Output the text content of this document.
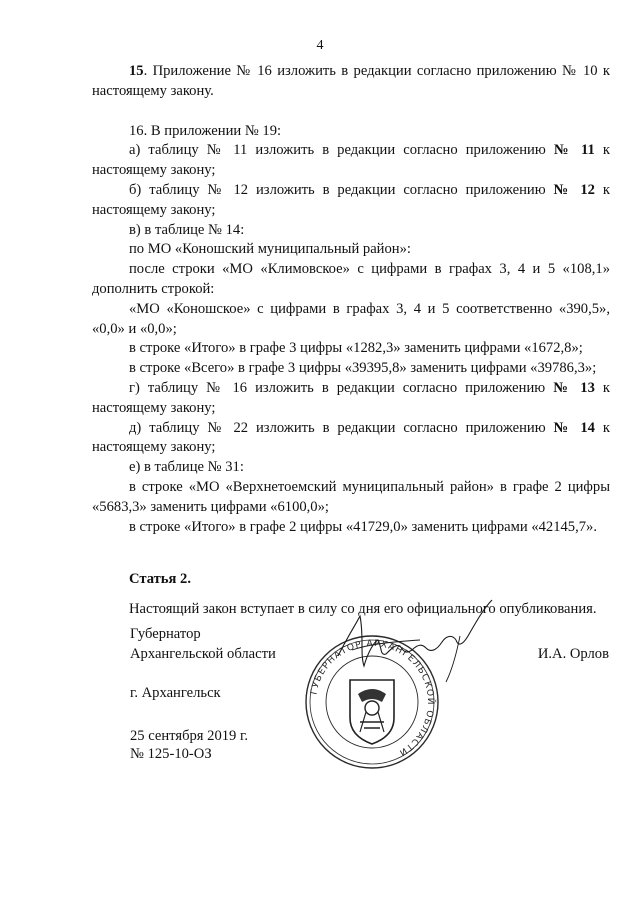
4

15. Приложение № 16 изложить в редакции согласно приложению № 10 к настоящему закону.

16. В приложении № 19:

а) таблицу № 11 изложить в редакции согласно приложению № 11 к настоящему закону;

б) таблицу № 12 изложить в редакции согласно приложению № 12 к настоящему закону;

в) в таблице № 14:

по МО «Коношский муниципальный район»:

после строки «МО «Климовское» с цифрами в графах 3, 4 и 5 «108,1» дополнить строкой:

«МО «Коношское» с цифрами в графах 3, 4 и 5 соответственно «390,5», «0,0» и «0,0»;

в строке «Итого» в графе 3 цифры «1282,3» заменить цифрами «1672,8»;

в строке «Всего» в графе 3 цифры «39395,8» заменить цифрами «39786,3»;

г) таблицу № 16 изложить в редакции согласно приложению № 13 к настоящему закону;

д) таблицу № 22 изложить в редакции согласно приложению № 14 к настоящему закону;

е) в таблице № 31:

в строке «МО «Верхнетоемский муниципальный район» в графе 2 цифры «5683,3» заменить цифрами «6100,0»;

в строке «Итого» в графе 2 цифры «41729,0» заменить цифрами «42145,7».

Статья 2.

Настоящий закон вступает в силу со дня его официального опубликования.

Губернатор
Архангельской области	И.А. Орлов
ГУБЕРНАТОР АРХАНГЕЛЬСКОЙ ОБЛАСТИ
г. Архангельск
25 сентября 2019 г.
№ 125-10-ОЗ
